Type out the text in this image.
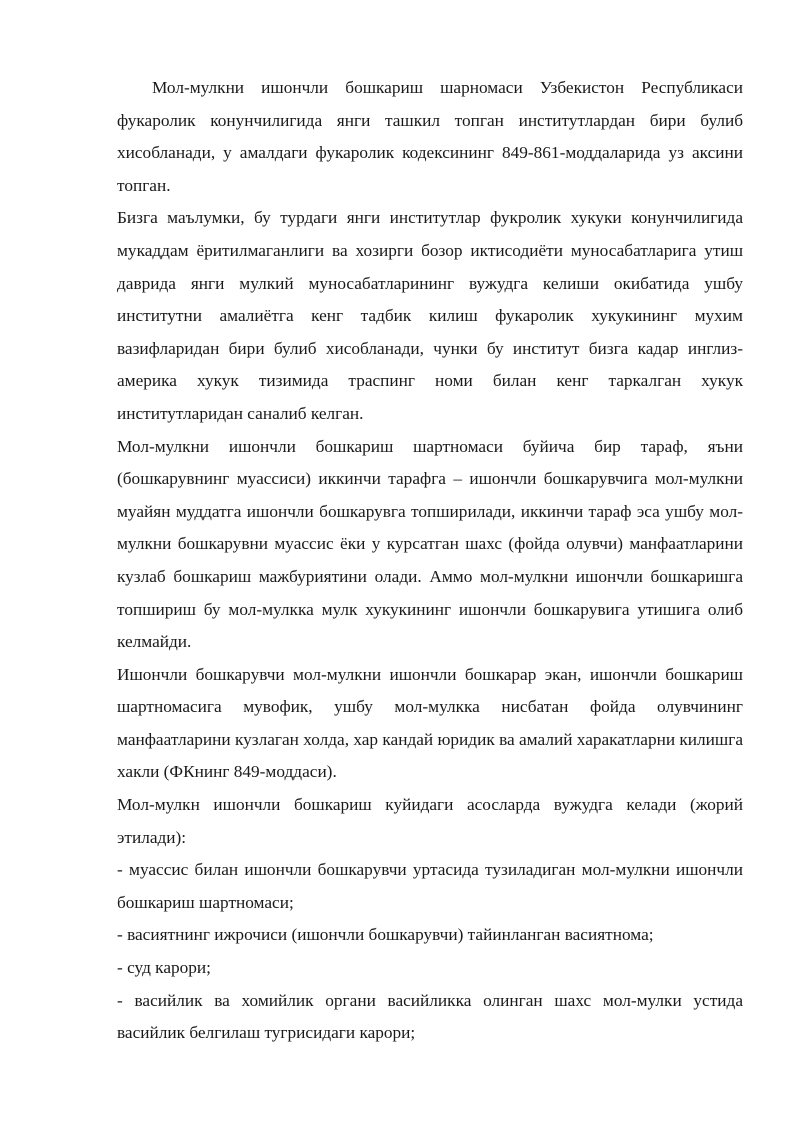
Мол-мулкни ишончли бошкариш шарномаси Узбекистон Республикаси фукаролик конунчилигида янги ташкил топган институтлардан бири булиб хисобланади, у амалдаги фукаролик кодексининг 849-861-моддаларида уз аксини топган.

Бизга маълумки, бу турдаги янги институтлар фукролик хукуки конунчилигида мукаддам ёритилмаганлиги ва хозирги бозор иктисодиёти муносабатларига утиш даврида янги мулкий муносабатларининг вужудга келиши окибатида ушбу институтни амалиётга кенг тадбик килиш фукаролик хукукининг мухим вазифларидан бири булиб хисобланади, чунки бу институт бизга кадар инглиз-америка хукук тизимида трaспинг номи билан кенг таркалган хукук институтларидан саналиб келган.

Мол-мулкни ишончли бошкариш шартномаси буйича бир тараф, яъни (бошкарувнинг муассиси) иккинчи тарафга – ишончли бошкарувчига мол-мулкни муайян муддатга ишончли бошкарувга топширилади, иккинчи тараф эса ушбу мол-мулкни бошкарувни муассис ёки у курсатган шахс (фойда олувчи) манфаатларини кузлаб бошкариш мажбуриятини олади. Аммо мол-мулкни ишончли бошкаришга топшириш бу мол-мулкка мулк хукукининг ишончли бошкарувига утишига олиб келмайди.

Ишончли бошкарувчи мол-мулкни ишончли бошкарар экан, ишончли бошкариш шартномасига мувофик, ушбу мол-мулкка нисбатан фойда олувчининг манфаатларини кузлаган холда, хар кандай юридик ва амалий харакатларни килишга хакли (ФКнинг 849-моддаси).

Мол-мулкн ишончли бошкариш куйидаги асосларда вужудга келади (жорий этилади):

- муассис билан ишончли бошкарувчи уртасида тузиладиган мол-мулкни ишончли бошкариш шартномаси;

- васиятнинг ижрочиси (ишончли бошкарувчи) тайинланган васиятнома;

- суд карори;

- васийлик ва хомийлик органи васийликка олинган шахс мол-мулки устида васийлик белгилаш тугрисидаги карори;
